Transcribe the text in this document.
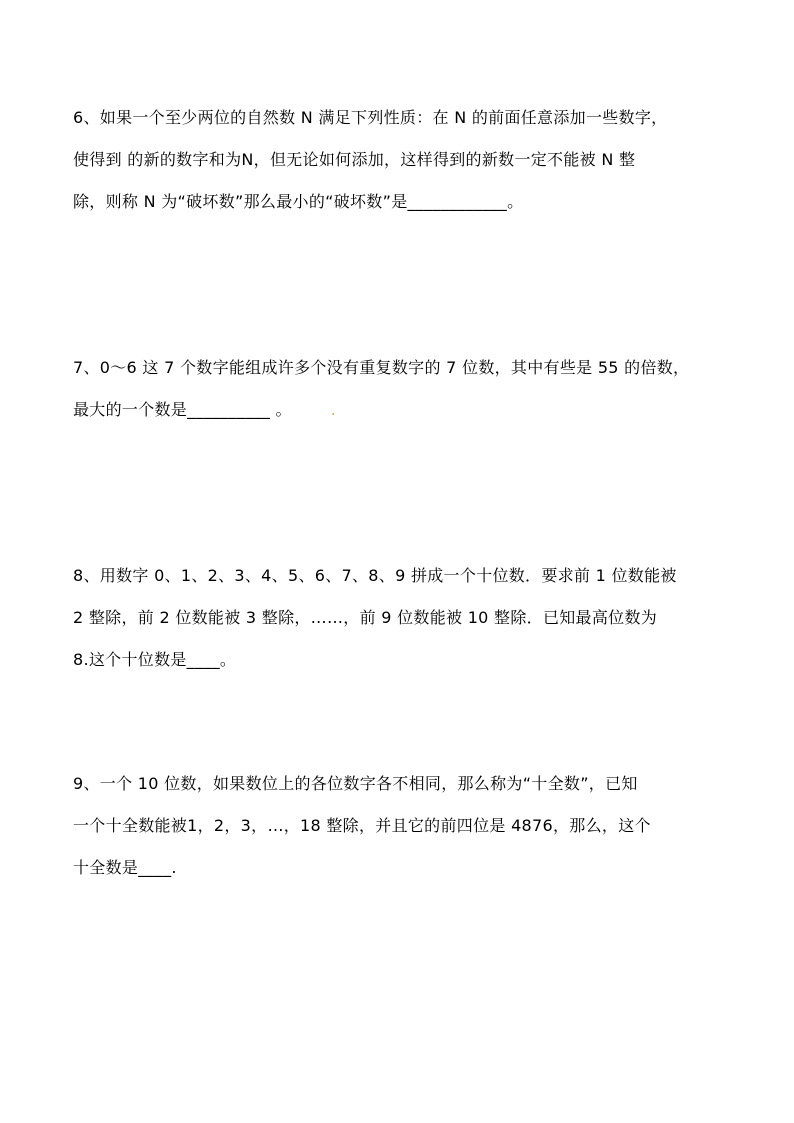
6、如果一个至少两位的自然数 N 满足下列性质：在 N 的前面任意添加一些数字，
使得到 的新的数字和为N，但无论如何添加，这样得到的新数一定不能被 N 整
除，则称 N 为“破坏数”那么最小的“破坏数”是____________。
7、0～6 这 7 个数字能组成许多个没有重复数字的 7 位数，其中有些是 55 的倍数，
最大的一个数是__________ 。	.
8、用数字 0、1、2、3、4、5、6、7、8、9 拼成一个十位数．要求前 1 位数能被
2 整除，前 2 位数能被 3 整除，……，前 9 位数能被 10 整除．已知最高位数为
8.这个十位数是____。
9、一个 10 位数，如果数位上的各位数字各不相同，那么称为“十全数”，已知
一个十全数能被1，2，3，…，18 整除，并且它的前四位是 4876，那么，这个
十全数是____.
